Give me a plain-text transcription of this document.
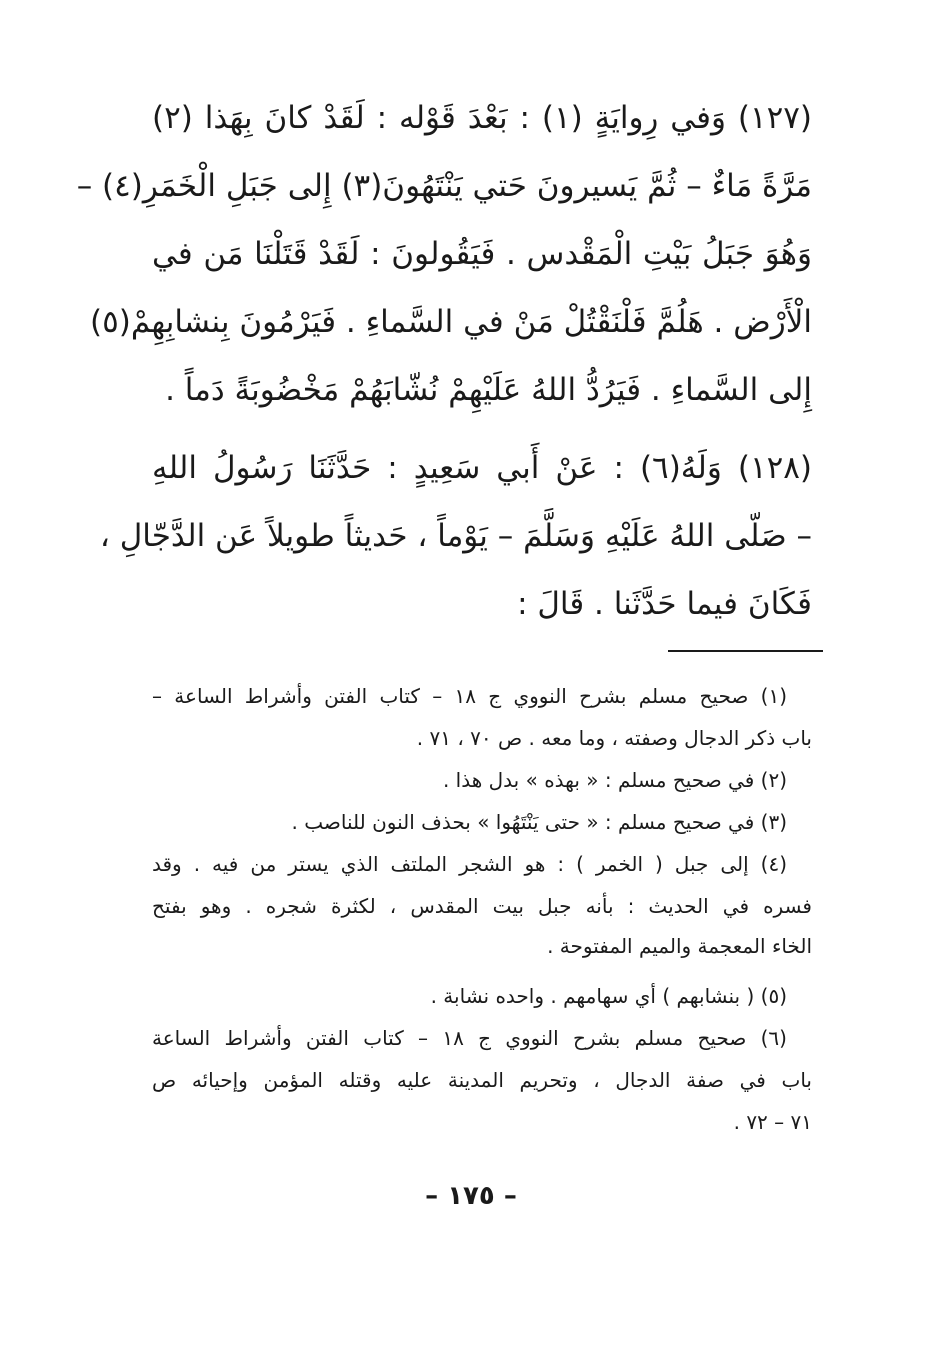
(١٢٧) وَفي رِوايَةٍ (١) : بَعْدَ قَوْله : لَقَدْ كانَ بِهَذا (٢)
مَرَّةً مَاءٌ – ثُمَّ يَسيرونَ حَتي يَنْتَهُونَ(٣) إِلى جَبَلِ الْخَمَرِ(٤) –
وَهُوَ جَبَلُ بَيْتِ الْمَقْدس . فَيَقُولونَ : لَقَدْ قَتَلْنَا مَن في
الْأَرْض . هَلُمَّ فَلْنَقْتُلْ مَنْ في السَّماءِ . فَيَرْمُونَ بِنشابِهِمْ(٥)
إِلى السَّماءِ . فَيَرُدُّ اللهُ عَلَيْهِمْ نُشّابَهُمْ مَخْضُوبَةً دَماً .
(١٢٨) وَلَهُ(٦) : عَنْ أَبي سَعِيدٍ : حَدَّثَنَا رَسُولُ اللهِ
– صَلّى اللهُ عَلَيْهِ وَسَلَّمَ – يَوْماً ، حَديثاً طويلاً عَن الدَّجّالِ ،
فَكَانَ فيما حَدَّثَنا . قَالَ :
(١) صحيح مسلم بشرح النووي ج ١٨ – كتاب الفتن وأشراط الساعة –
باب ذكر الدجال وصفته ، وما معه . ص ٧٠ ، ٧١ .
(٢) في صحيح مسلم : « بهذه » بدل هذا .
(٣) في صحيح مسلم : « حتى يَنْتَهُوا » بحذف النون للناصب .
(٤) إلى جبل ( الخمر ) : هو الشجر الملتف الذي يستر من فيه . وقد
فسره في الحديث : بأنه جبل بيت المقدس ، لكثرة شجره . وهو بفتح
الخاء المعجمة والميم المفتوحة .
(٥) ( بنشابهم ) أي سهامهم . واحده نشابة .
(٦) صحيح مسلم بشرح النووي ج ١٨ – كتاب الفتن وأشراط الساعة
باب في صفة الدجال ، وتحريم المدينة عليه وقتله المؤمن وإحيائه ص
٧١ – ٧٢ .
– ١٧٥ –
